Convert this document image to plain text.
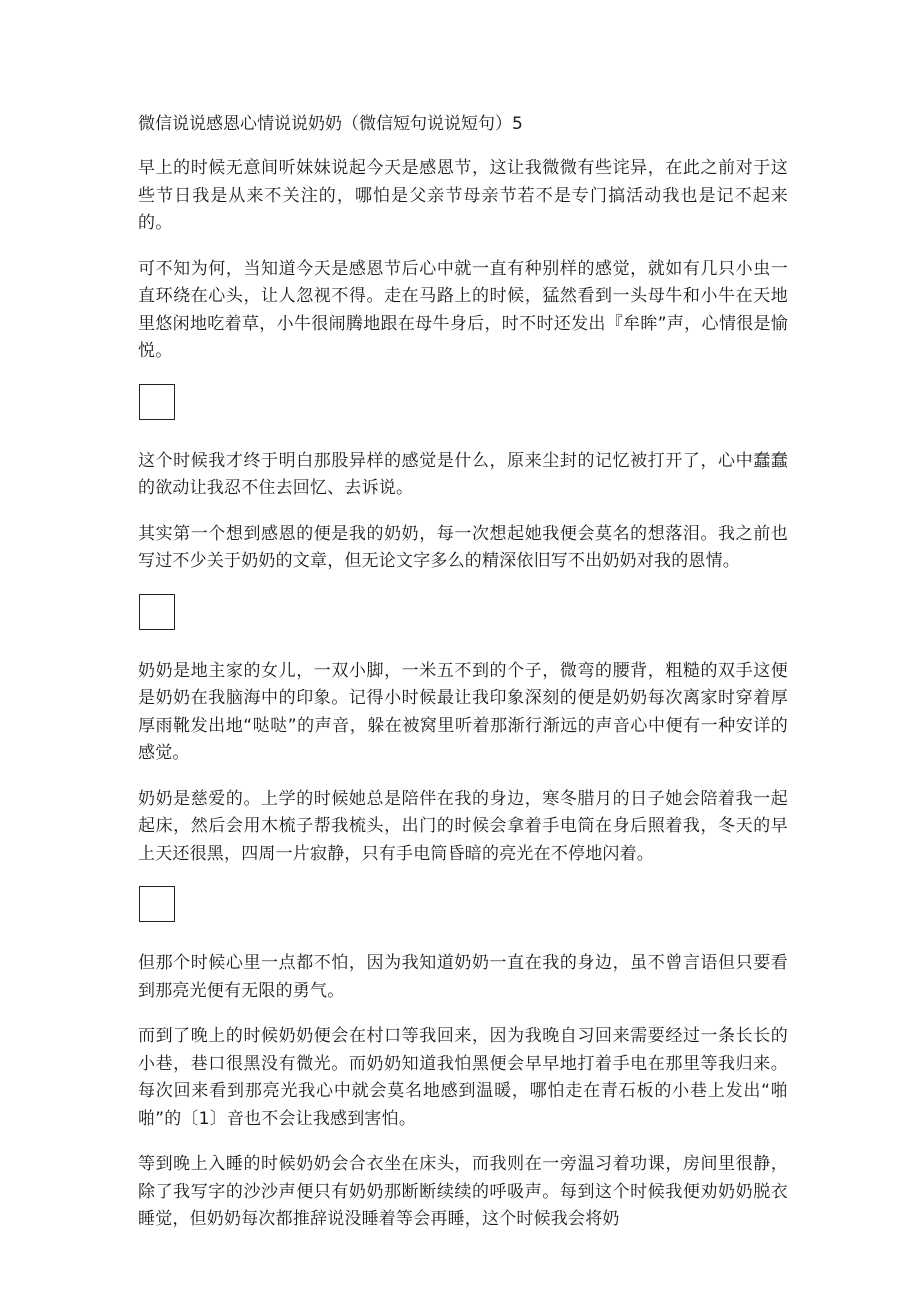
微信说说感恩心情说说奶奶（微信短句说说短句）5

早上的时候无意间听妹妹说起今天是感恩节，这让我微微有些诧异，在此之前对于这些节日我是从来不关注的，哪怕是父亲节母亲节若不是专门搞活动我也是记不起来的。

可不知为何，当知道今天是感恩节后心中就一直有种别样的感觉，就如有几只小虫一直环绕在心头，让人忽视不得。走在马路上的时候，猛然看到一头母牛和小牛在天地里悠闲地吃着草，小牛很闹腾地跟在母牛身后，时不时还发出『牟眸”声，心情很是愉悦。

这个时候我才终于明白那股异样的感觉是什么，原来尘封的记忆被打开了，心中蠢蠢的欲动让我忍不住去回忆、去诉说。

其实第一个想到感恩的便是我的奶奶，每一次想起她我便会莫名的想落泪。我之前也写过不少关于奶奶的文章，但无论文字多么的精深依旧写不出奶奶对我的恩情。

奶奶是地主家的女儿，一双小脚，一米五不到的个子，微弯的腰背，粗糙的双手这便是奶奶在我脑海中的印象。记得小时候最让我印象深刻的便是奶奶每次离家时穿着厚厚雨靴发出地“哒哒”的声音，躲在被窝里听着那渐行渐远的声音心中便有一种安详的感觉。

奶奶是慈爱的。上学的时候她总是陪伴在我的身边，寒冬腊月的日子她会陪着我一起起床，然后会用木梳子帮我梳头，出门的时候会拿着手电筒在身后照着我，冬天的早上天还很黑，四周一片寂静，只有手电筒昏暗的亮光在不停地闪着。

但那个时候心里一点都不怕，因为我知道奶奶一直在我的身边，虽不曾言语但只要看到那亮光便有无限的勇气。

而到了晚上的时候奶奶便会在村口等我回来，因为我晚自习回来需要经过一条长长的小巷，巷口很黑没有微光。而奶奶知道我怕黑便会早早地打着手电在那里等我归来。每次回来看到那亮光我心中就会莫名地感到温暖，哪怕走在青石板的小巷上发出“啪啪”的〔1〕音也不会让我感到害怕。

等到晚上入睡的时候奶奶会合衣坐在床头，而我则在一旁温习着功课，房间里很静，除了我写字的沙沙声便只有奶奶那断断续续的呼吸声。每到这个时候我便劝奶奶脱衣睡觉，但奶奶每次都推辞说没睡着等会再睡，这个时候我会将奶
